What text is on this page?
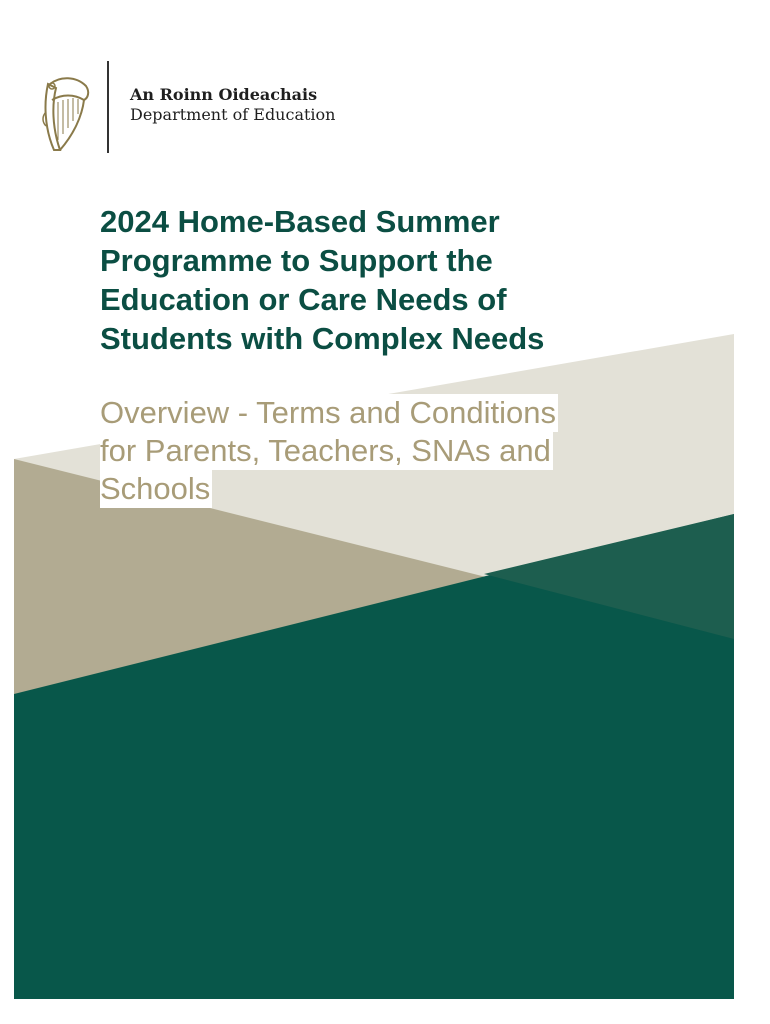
An Roinn Oideachais
Department of Education
2024 Home-Based Summer
Programme to Support the
Education or Care Needs of
Students with Complex Needs
Overview - Terms and Conditions
for Parents, Teachers, SNAs and
Schools
